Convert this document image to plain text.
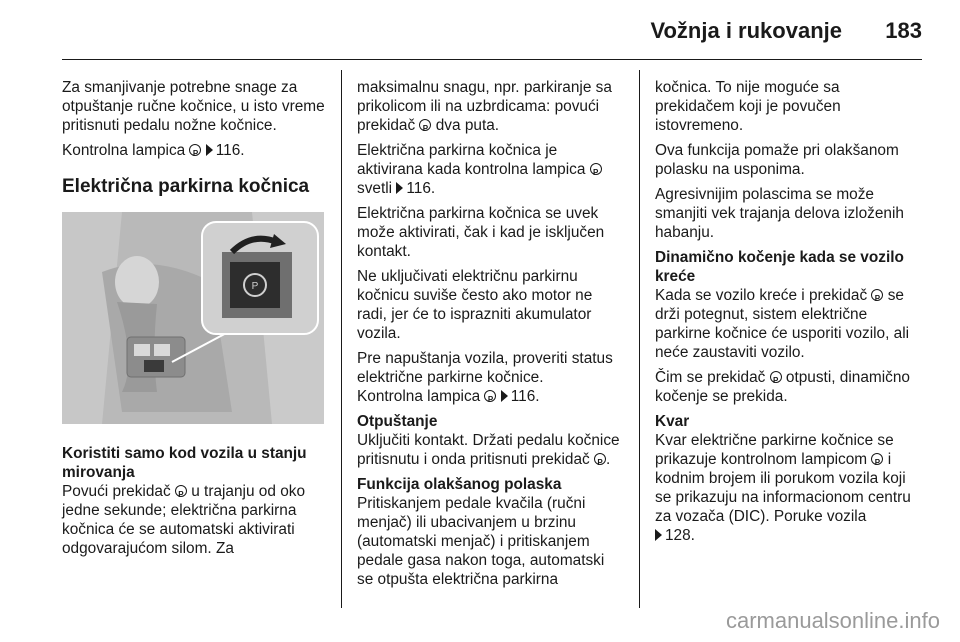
Vožnja i rukovanje 183

Za smanjivanje potrebne snage za otpuštanje ručne kočnice, u isto vreme pritisnuti pedalu nožne kočnice.

Kontrolna lampica P 116.

Električna parkirna kočnica
P

Koristiti samo kod vozila u stanju mirovanja

Povući prekidač P u trajanju od oko jedne sekunde; električna parkirna kočnica će se automatski aktivirati odgovarajućom silom. Za

maksimalnu snagu, npr. parkiranje sa prikolicom ili na uzbrdicama: povući prekidač P dva puta.

Električna parkirna kočnica je aktivirana kada kontrolna lampica P svetli 116.

Električna parkirna kočnica se uvek može aktivirati, čak i kad je isključen kontakt.

Ne uključivati električnu parkirnu kočnicu suviše često ako motor ne radi, jer će to isprazniti akumulator vozila.

Pre napuštanja vozila, proveriti status električne parkirne kočnice.

Kontrolna lampica P 116.

Otpuštanje

Uključiti kontakt. Držati pedalu kočnice pritisnutu i onda pritisnuti prekidač P .

Funkcija olakšanog polaska

Pritiskanjem pedale kvačila (ručni menjač) ili ubacivanjem u brzinu (automatski menjač) i pritiskanjem pedale gasa nakon toga, automatski se otpušta električna parkirna

kočnica. To nije moguće sa prekidačem koji je povučen istovremeno.

Ova funkcija pomaže pri olakšanom polasku na usponima.

Agresivnijim polascima se može smanjiti vek trajanja delova izloženih habanju.

Dinamično kočenje kada se vozilo kreće

Kada se vozilo kreće i prekidač P se drži potegnut, sistem električne parkirne kočnice će usporiti vozilo, ali neće zaustaviti vozilo.

Čim se prekidač P otpusti, dinamično kočenje se prekida.

Kvar

Kvar električne parkirne kočnice se prikazuje kontrolnom lampicom P i kodnim brojem ili porukom vozila koji se prikazuju na informacionom centru za vozača (DIC). Poruke vozila
128.

carmanualsonline.info
